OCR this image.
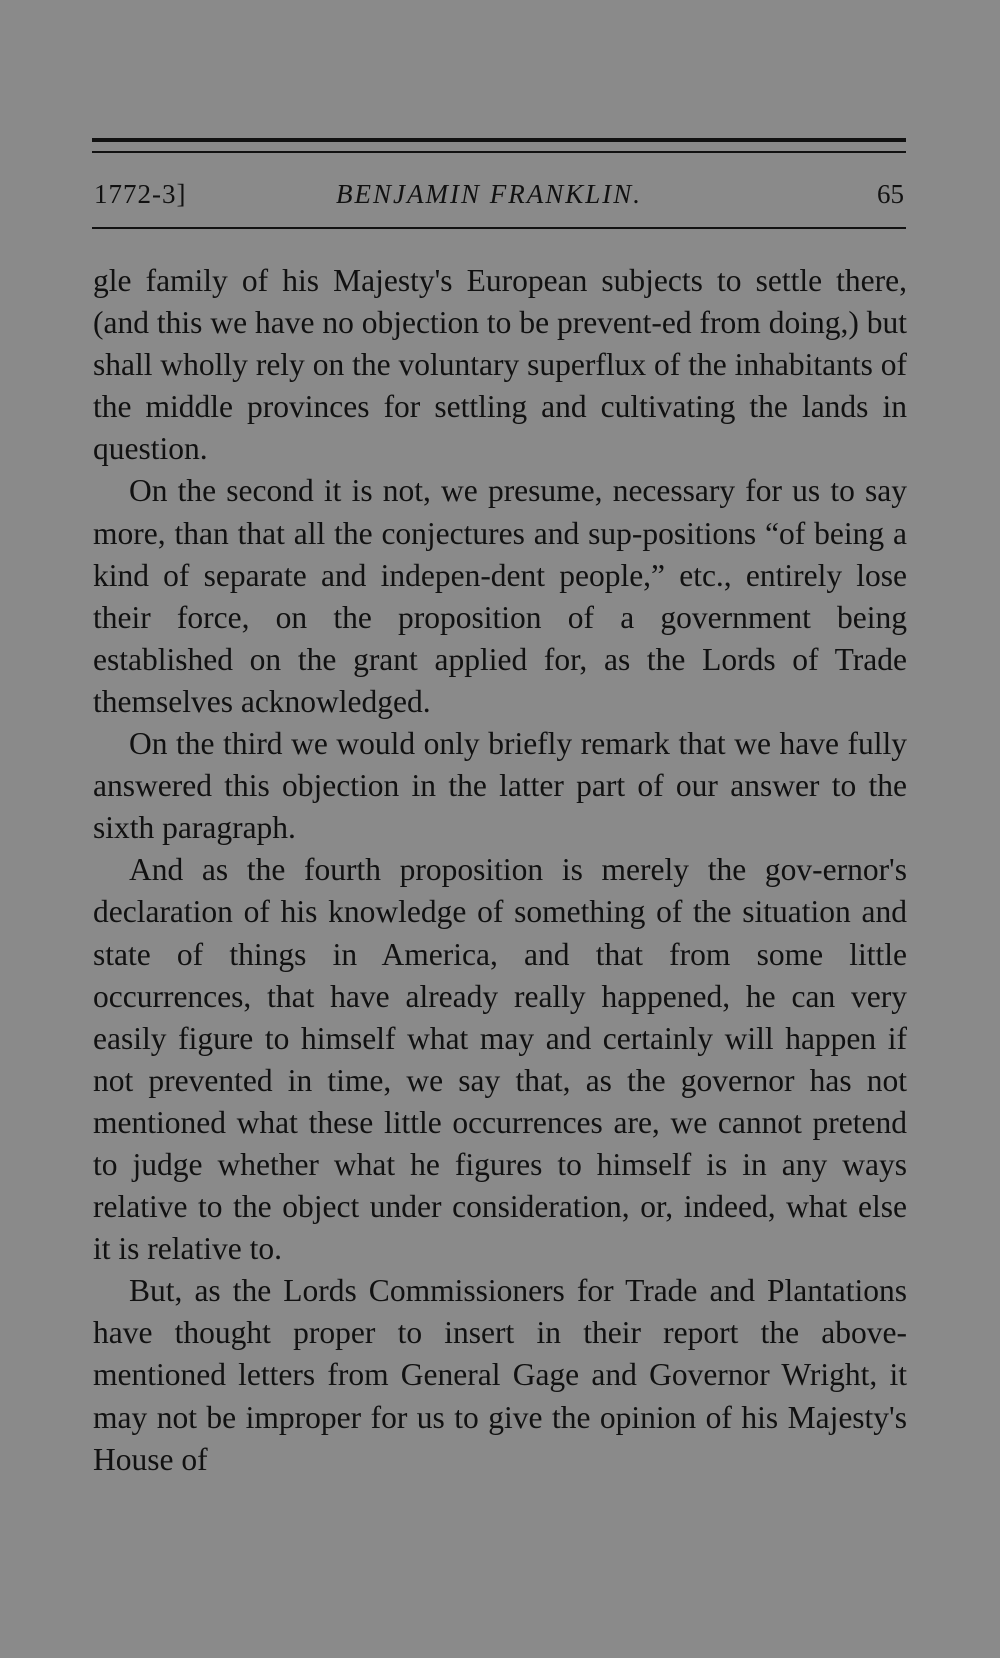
1772-3]	BENJAMIN FRANKLIN.	65

gle family of his Majesty's European subjects to settle there, (and this we have no objection to be prevent-ed from doing,) but shall wholly rely on the voluntary superflux of the inhabitants of the middle provinces for settling and cultivating the lands in question.

On the second it is not, we presume, necessary for us to say more, than that all the conjectures and sup-positions “of being a kind of separate and indepen-dent people,” etc., entirely lose their force, on the proposition of a government being established on the grant applied for, as the Lords of Trade themselves acknowledged.

On the third we would only briefly remark that we have fully answered this objection in the latter part of our answer to the sixth paragraph.

And as the fourth proposition is merely the gov-ernor's declaration of his knowledge of something of the situation and state of things in America, and that from some little occurrences, that have already really happened, he can very easily figure to himself what may and certainly will happen if not prevented in time, we say that, as the governor has not mentioned what these little occurrences are, we cannot pretend to judge whether what he figures to himself is in any ways relative to the object under consideration, or, indeed, what else it is relative to.

But, as the Lords Commissioners for Trade and Plantations have thought proper to insert in their report the above-mentioned letters from General Gage and Governor Wright, it may not be improper for us to give the opinion of his Majesty's House of
